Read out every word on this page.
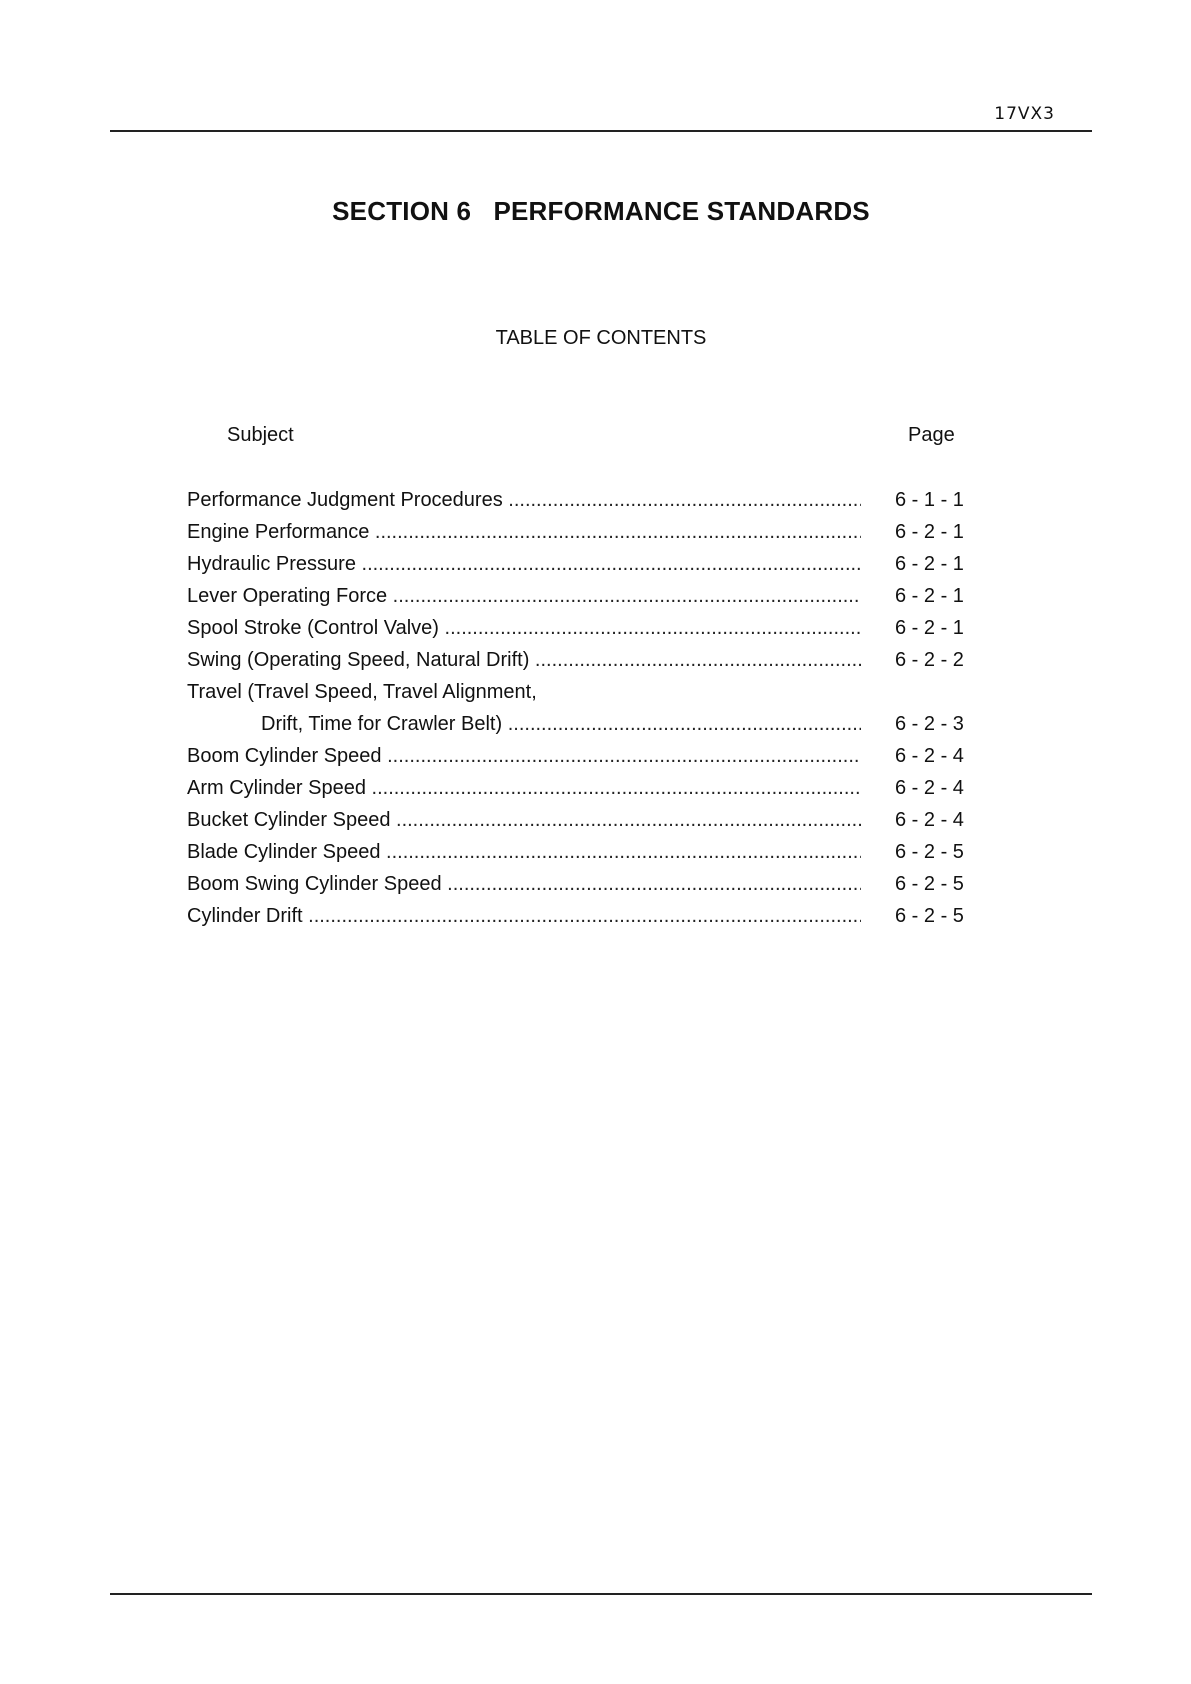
17VX3
SECTION 6   PERFORMANCE STANDARDS
TABLE OF CONTENTS
Subject	Page
Performance Judgment Procedures .....	6 - 1 - 1
Engine Performance .....	6 - 2 - 1
Hydraulic Pressure .....	6 - 2 - 1
Lever Operating Force .....	6 - 2 - 1
Spool Stroke (Control Valve) .....	6 - 2 - 1
Swing (Operating Speed, Natural Drift) .....	6 - 2 - 2
Travel (Travel Speed, Travel Alignment,
Drift, Time for Crawler Belt) .....	6 - 2 - 3
Boom Cylinder Speed .....	6 - 2 - 4
Arm Cylinder Speed .....	6 - 2 - 4
Bucket Cylinder Speed .....	6 - 2 - 4
Blade Cylinder Speed .....	6 - 2 - 5
Boom Swing Cylinder Speed .....	6 - 2 - 5
Cylinder Drift .....	6 - 2 - 5
